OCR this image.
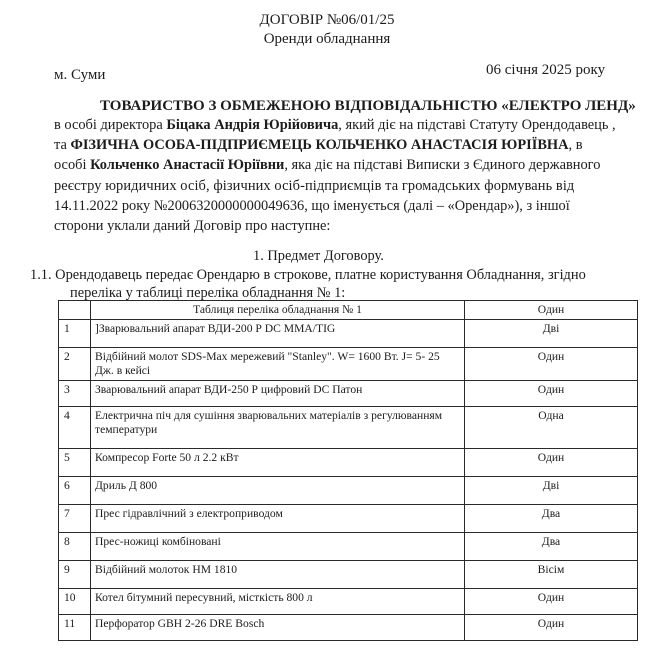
ДОГОВІР №06/01/25
Оренди обладнання
м. Суми	06 січня 2025 року
ТОВАРИСТВО З ОБМЕЖЕНОЮ ВІДПОВІДАЛЬНІСТЮ «ЕЛЕКТРО ЛЕНД»
в особі директора Біцака Андрія Юрійовича, який діє на підставі Статуту Орендодавець ,
та ФІЗИЧНА ОСОБА-ПІДПРИЄМЕЦЬ КОЛЬЧЕНКО АНАСТАСІЯ ЮРІЇВНА, в
особі Кольченко Анастасії Юріївни, яка діє на підставі Виписки з Єдиного державного
реєстру юридичних осіб, фізичних осіб-підприємців та громадських формувань від
14.11.2022 року №2006320000000049636, що іменується (далі – «Орендар»), з іншої
сторони уклали даний Договір про наступне:
1. Предмет Договору.
1.1. Орендодавець передає Орендарю в строкове, платне користування Обладнання, згідно
переліка у таблиці переліка обладнання № 1:
	Таблиця переліка обладнання № 1	Один
1	]Зварювальний апарат ВДИ-200 Р DC MMA/TIG	Дві
2	Відбійний молот SDS-Max мережевий "Stanley". W= 1600 Вт. J= 5- 25 Дж. в кейсі	Один
3	Зварювальний апарат ВДИ-250 Р цифровий DC Патон	Один
4	Електрична піч для сушіння зварювальних матеріалів з регулюванням температури	Одна
5	Компресор Forte 50 л 2.2 кВт	Один
6	Дриль Д 800	Дві
7	Прес гідравлічний з електроприводом	Два
8	Прес-ножиці комбіновані	Два
9	Відбійний молоток HM 1810	Вісім
10	Котел бітумний пересувний, місткість 800 л	Один
11	Перфоратор GBH 2-26 DRE Bosch	Один
